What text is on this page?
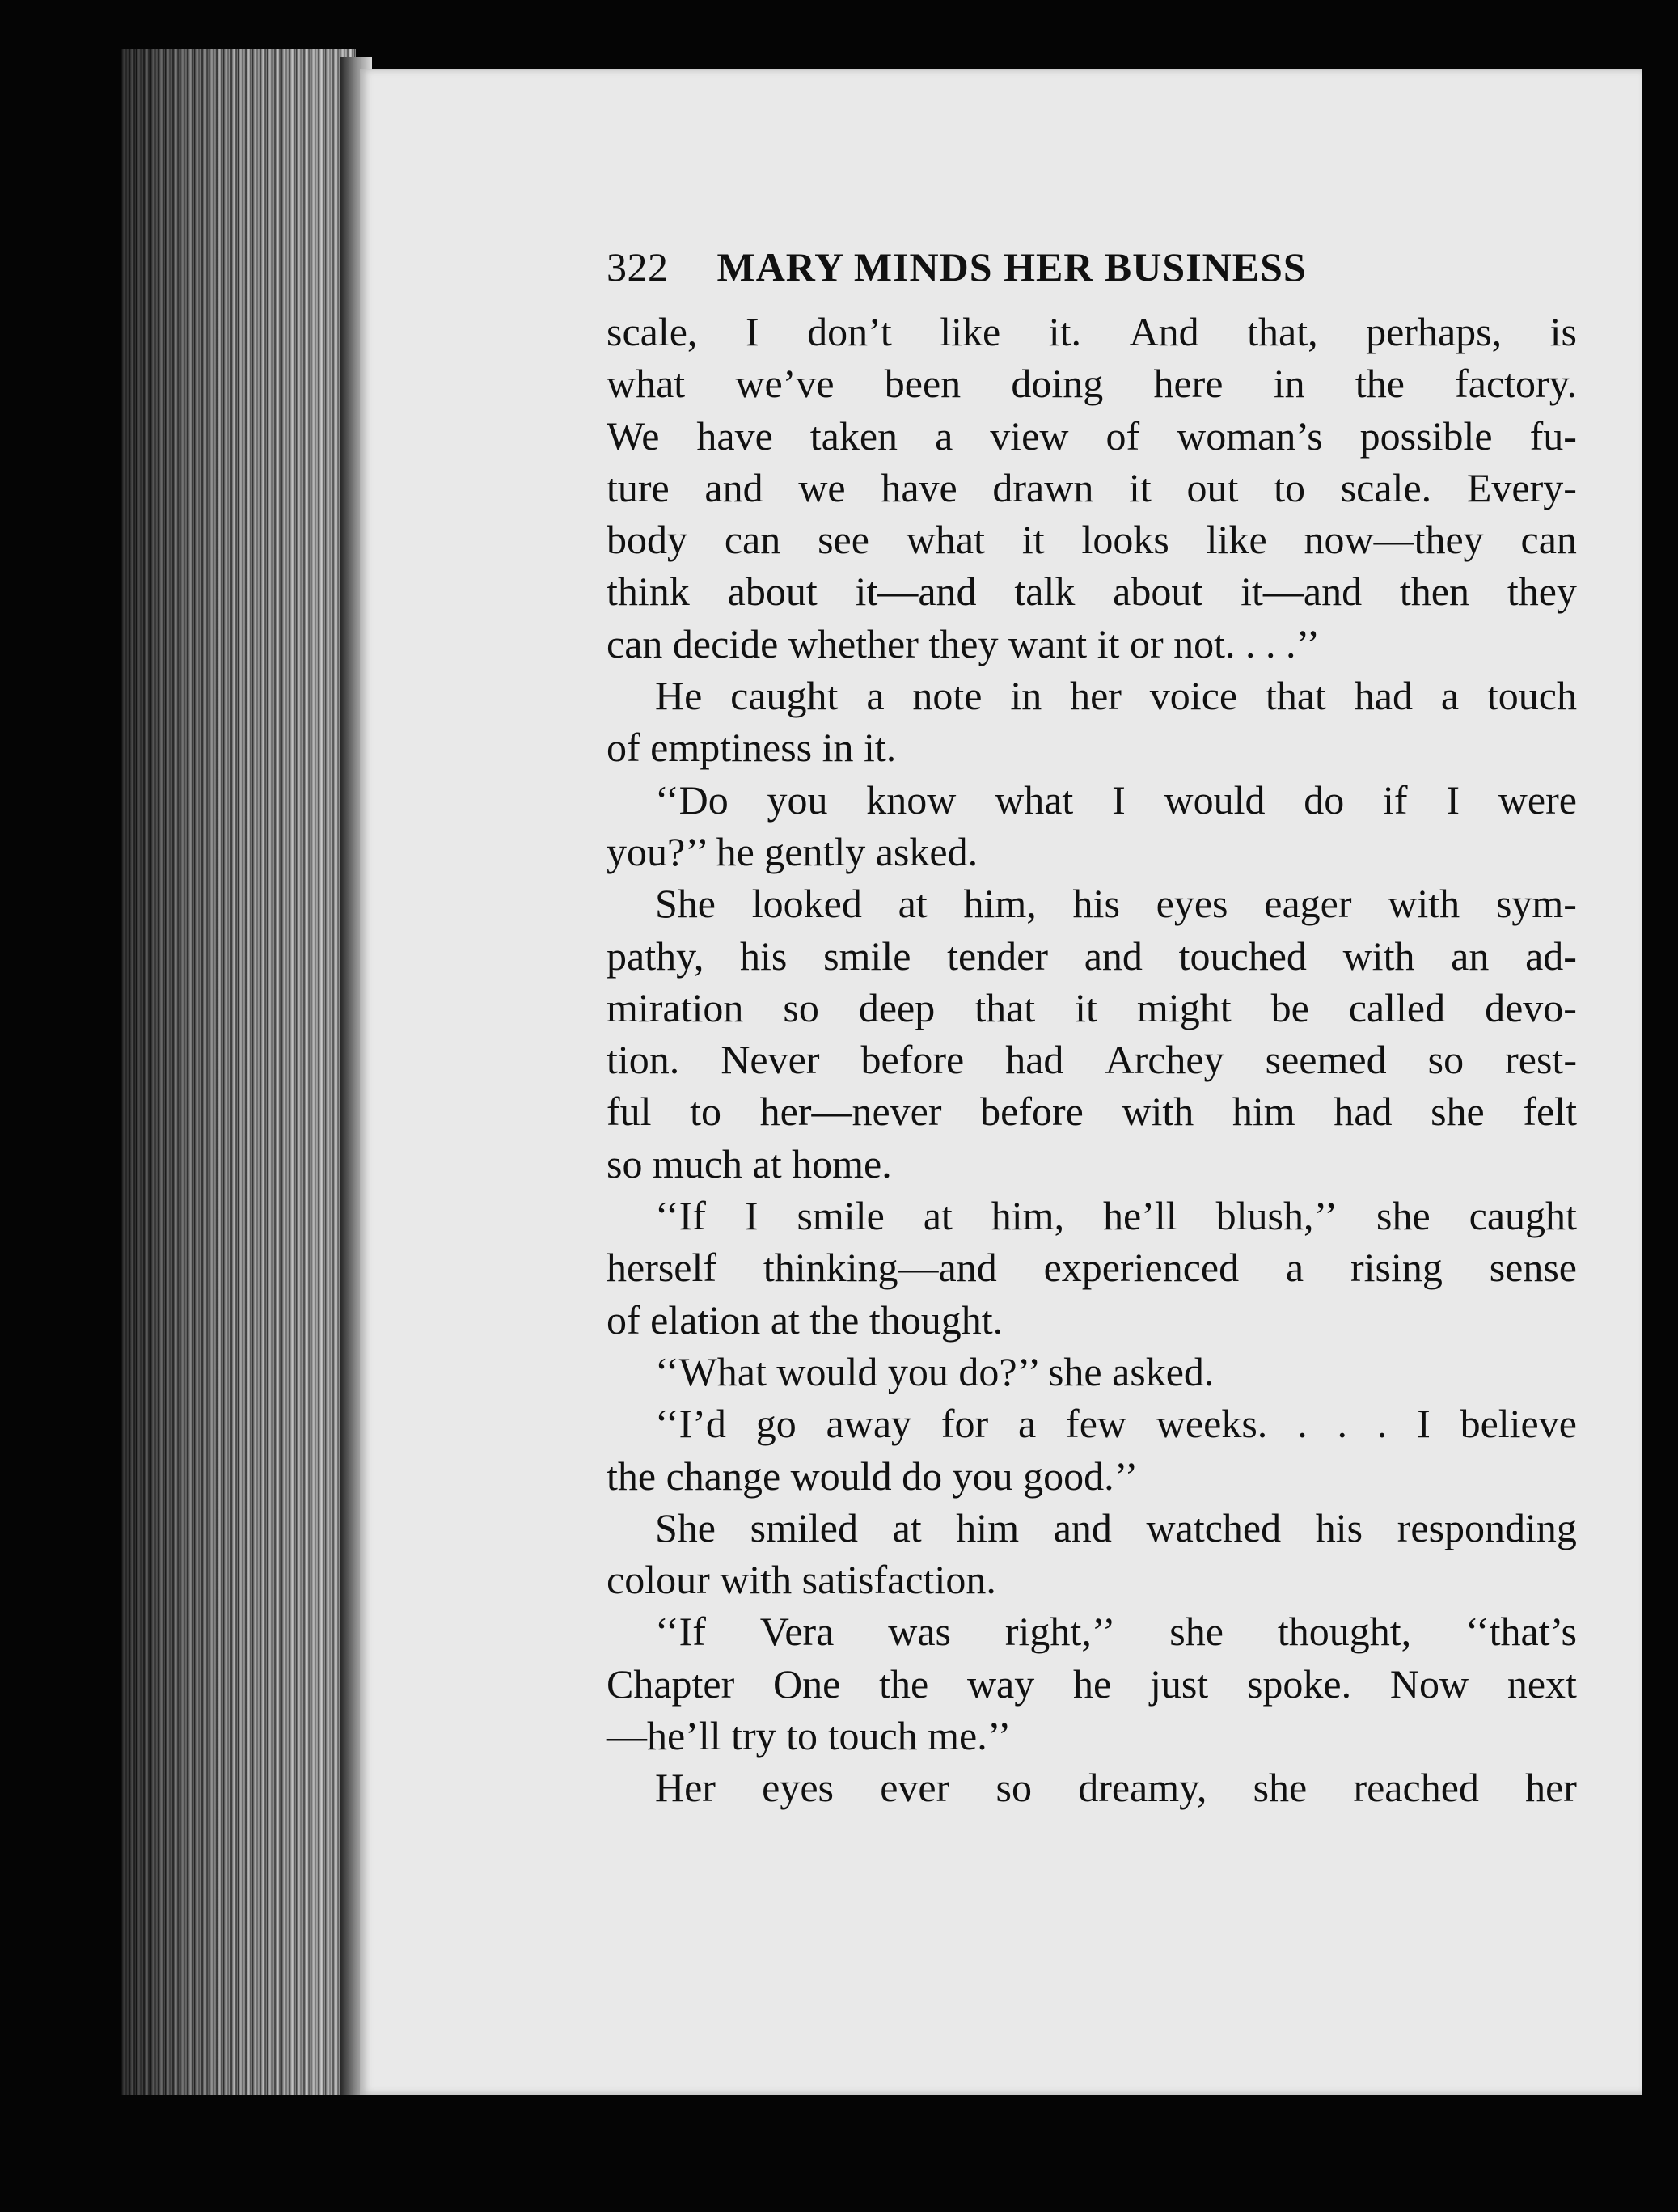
322 MARY MINDS HER BUSINESS
scale, I don’t like it. And that, perhaps, is
what we’ve been doing here in the factory.
We have taken a view of woman’s possible fu-
ture and we have drawn it out to scale. Every-
body can see what it looks like now—they can
think about it—and talk about it—and then they
can decide whether they want it or not. . . .’’
He caught a note in her voice that had a touch
of emptiness in it.
‘‘Do you know what I would do if I were
you?’’ he gently asked.
She looked at him, his eyes eager with sym-
pathy, his smile tender and touched with an ad-
miration so deep that it might be called devo-
tion. Never before had Archey seemed so rest-
ful to her—never before with him had she felt
so much at home.
‘‘If I smile at him, he’ll blush,’’ she caught
herself thinking—and experienced a rising sense
of elation at the thought.
‘‘What would you do?’’ she asked.
‘‘I’d go away for a few weeks. . . . I believe
the change would do you good.’’
She smiled at him and watched his responding
colour with satisfaction.
‘‘If Vera was right,’’ she thought, ‘‘that’s
Chapter One the way he just spoke. Now next
—he’ll try to touch me.’’
Her eyes ever so dreamy, she reached her
